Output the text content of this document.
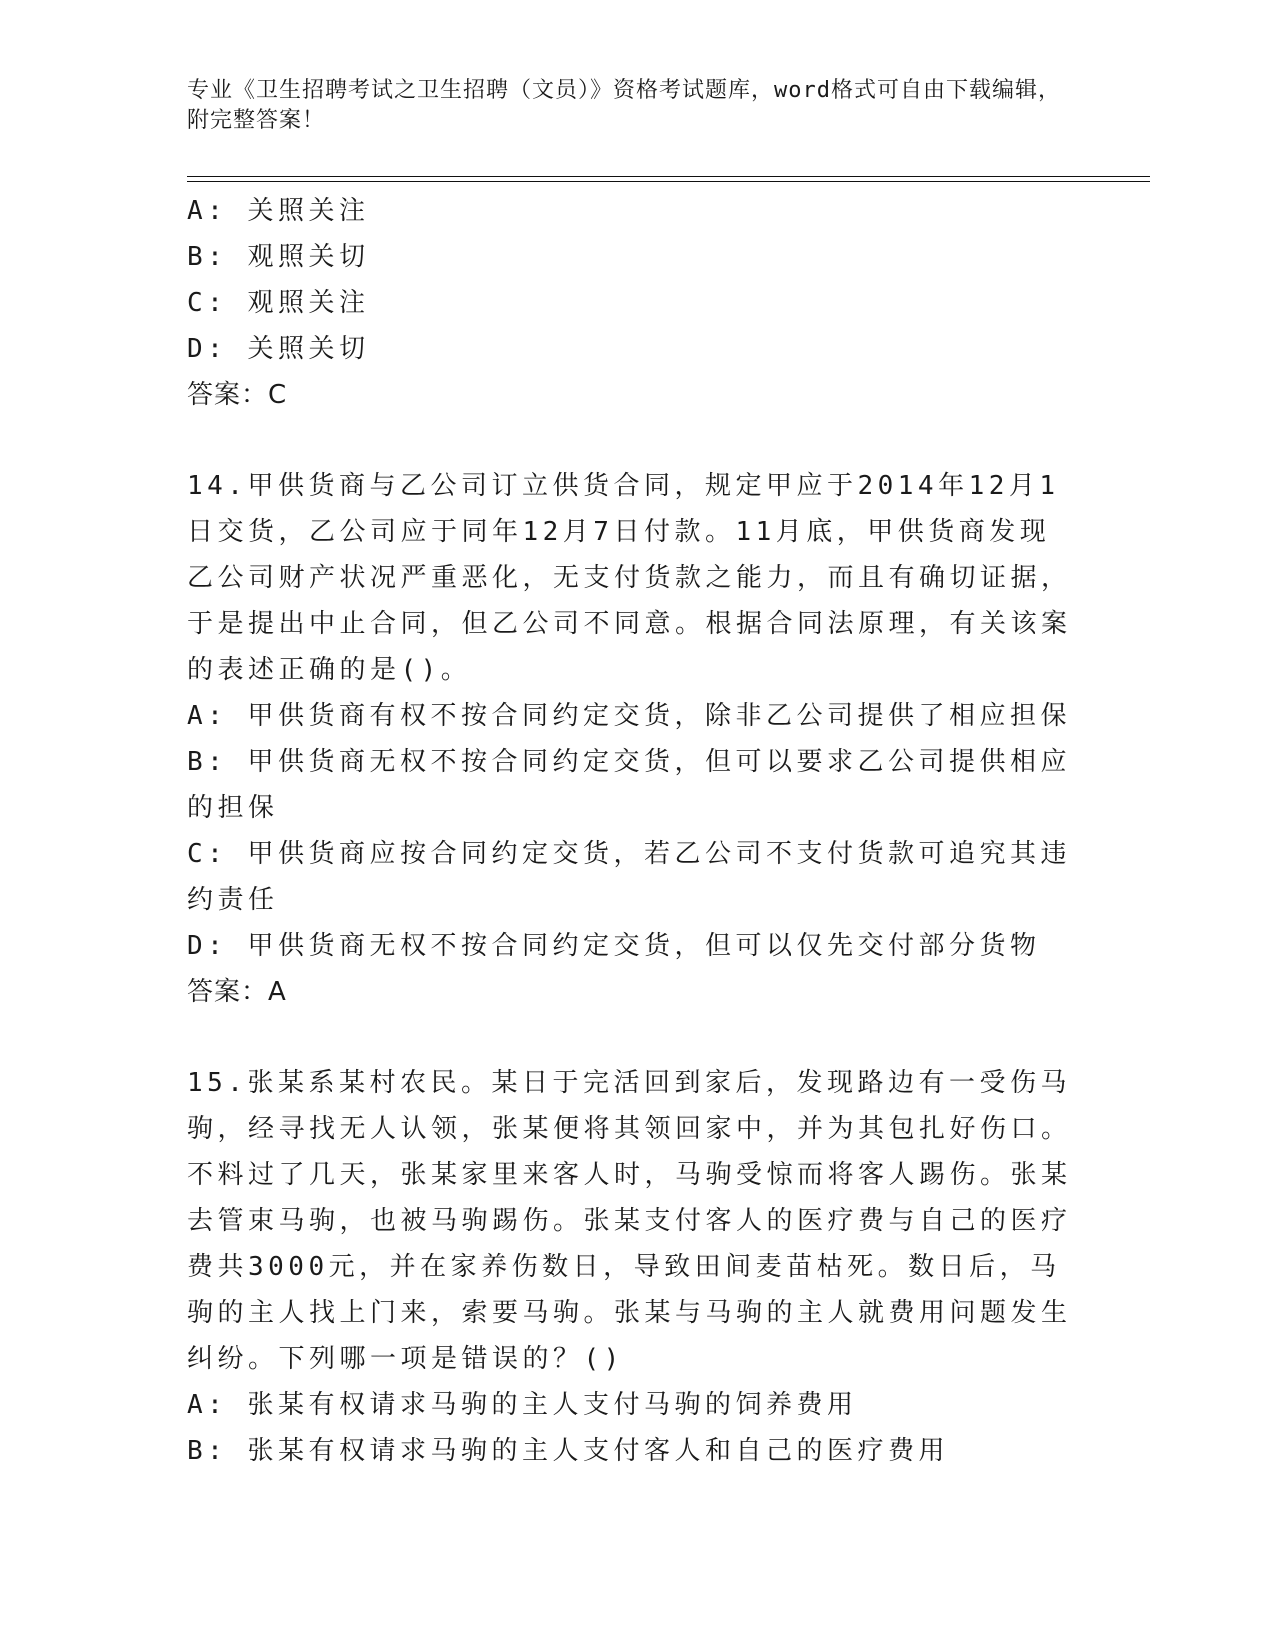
专业《卫生招聘考试之卫生招聘（文员）》资格考试题库，word格式可自由下载编辑，附完整答案！
A: 关照关注
B: 观照关切
C: 观照关注
D: 关照关切
答案：C
14.甲供货商与乙公司订立供货合同，规定甲应于2014年12月1日交货，乙公司应于同年12月7日付款。11月底，甲供货商发现乙公司财产状况严重恶化，无支付货款之能力，而且有确切证据，于是提出中止合同，但乙公司不同意。根据合同法原理，有关该案的表述正确的是()。
A: 甲供货商有权不按合同约定交货，除非乙公司提供了相应担保
B: 甲供货商无权不按合同约定交货，但可以要求乙公司提供相应的担保
C: 甲供货商应按合同约定交货，若乙公司不支付货款可追究其违约责任
D: 甲供货商无权不按合同约定交货，但可以仅先交付部分货物
答案：A
15.张某系某村农民。某日于完活回到家后，发现路边有一受伤马驹，经寻找无人认领，张某便将其领回家中，并为其包扎好伤口。不料过了几天，张某家里来客人时，马驹受惊而将客人踢伤。张某去管束马驹，也被马驹踢伤。张某支付客人的医疗费与自己的医疗费共3000元，并在家养伤数日，导致田间麦苗枯死。数日后，马驹的主人找上门来，索要马驹。张某与马驹的主人就费用问题发生纠纷。下列哪一项是错误的？()
A: 张某有权请求马驹的主人支付马驹的饲养费用
B: 张某有权请求马驹的主人支付客人和自己的医疗费用
